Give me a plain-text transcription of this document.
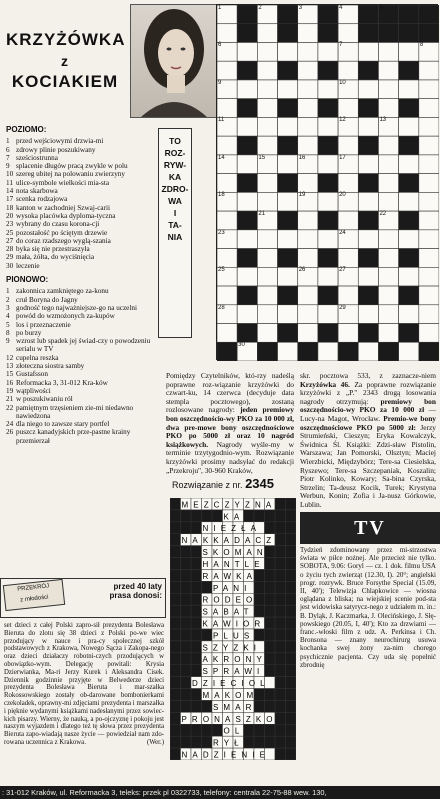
KRZYŻÓWKA
z
KOCIAKIEM
POZIOMO:
1 przed wejściowymi drzwia-mi
6 zdrowy plinie poszukiwany
7 sześciostrunna
9 splacenie długów pracą zwykle w polu
10 szereg ubitej na polowaniu zwierzyny
11 ulice-symbole wielkości mia-sta
14 nota skarbowa
17 scenka rodzajowa
18 kanton w zachodniej Szwaj-carii
20 wysoka placówka dyploma-tyczna
23 wybrany do czasu korona-cji
25 pozostałość po ściętym drzewie
27 do coraz rzadszego wyglą-szania
28 byka się nie przestraszyła
29 mała, żółta, do wyciśnięcia
30 leczenie
PIONOWO:
1 zakonnica zamkniętego za-konu
2 cruł Boryna do Jagny
3 godność tego najważniejsze-go na uczelni
4 powód do wzmożonych za-kupów
5 los i przeznaczenie
8 po burzy
9 wzrost lub spadek jej świad-czy o powodzeniu serialu w TV
12 cupelna reszka
13 złoteczna siostra samby
15 Gustafsson
16 Reformacka 3, 31-012 Kra-ków
19 wątpliwości
21 w poszukiwaniu ról
22 pamiętnym trzęsieniem zie-mi niedawno nawiedzona
24 dla niego to zawsze stary portfel
26 puszcz kanadyjskich prze-pastne krainy przemierzał
TO
ROZ-
RYW-
KA
ZDRO-
WA
I
TA-
NIA
1	2	3	4	5
6	7	8
9	10
11	12	13
14	15	16	17
18	19	20
21	22
23	24
25	26	27
28	29
30
Pomiędzy Czytelników, któ-rzy nadeślą poprawne roz-wiązanie krzyżówki do czwart-ku, 14 czerwca (decyduje data stempla pocztowego), zostaną rozlosowane nagrody: jeden premiowy bon oszczędnościo-wy PKO za 10 000 zł, dwa pre-mowe bony oszczędnościowe PKO po 5000 zł oraz 10 nagród książkowych. Nagrody wyśle-my w terminie trzytygodnio-wym. Rozwiązanie krzyżówki prosimy nadsyłać do redakcji „Przekroju", 30-960 Kraków,
skr. pocztowa 533, z zaznacze-niem Krzyżówka 46. Za poprawne rozwiązanie krzyżówki z „P." 2343 drogą losowania nagrody otrzymują: premiowy bon oszczędnościo-wy PKO za 10 000 zł — Lucy-na Magot, Wrocław. Premio-we bony oszczędnościowe PKO po 5000 zł: Jerzy Strumieński, Cieszyn; Eryka Kowalczyk, Świdnica Śl. Książki: Zdzi-sław Pistolin, Warszawa; Jan Pomorski, Olsztyn; Maciej Wierzbicki, Międzybórz; Tere-sa Ciesielska, Ryszewo; Tere-sa Szczepaniak, Koszalin; Piotr Kolinko, Kowary; Sa-bina Czyrska, Strzelin; Ta-deusz Kocik, Turek; Krystyna Werbun, Konin; Zofia i Ja-nusz Górkowie, Lublin.
Rozwiązanie z nr. 2345
MEZCZYZNA
KA
NIEZŁA
NAKKADACZ
SKOMAN
HANTLE
RAWKA
PANI
RODEO
SABAT
KAWIOR
PLUS
SZYZKI
AKRONY
SPRAWI
DZIECIOL
MAKOM
SMAR
PRONASZKO
OL
RYŁ
NADZIENIE
TV
Tydzień zdominowany przez mi-strzostwa świata w piłce nożnej. Ale przecież nie tylko. SOBOTA, 9.06: Goryl — cz. 1 dok. filmu USA o życiu tych zwierząt (12.30, I). 20°; angielski progr. rozrywk. Bruce Forsythe Special (15.09, II, 40'); Telewizja Chlapkowice — wiosna oglądana z bliska; na wiejskiej scenie pod-sta jest widowiska satyrycz-nego z udziałem m. in.: B. Dyląk, J. Kaczmarka, J. Olecińskiego, J. Słę-powskiego (20.05, I, 40'); Kto za drzwiami — franc.-włoski film z udz. A. Perkinsa i Ch. Bronsona — znany neurochirurg usuwa kochanka swej żony za-nim chorego psychicznie pacjenta. Czy uda się popełnić zbrodnię
PRZEKRÓJ
z młodości
przed 40 laty
prasa donosi:
set dzieci z całej Polski zapro-sił prezydenta Bolesława Bieruta do zlotu się 38 dzieci z Polski po-we wiec przodujący w nauce i pra-cy społecznej szkół podstawowych z Krakowa, Nowego Sącza i Zakopa-nego oraz dzieci działaczy robotni-czych przodujących w obowiązko-wym. Delegację powitali: Krysia Dzierwianka, Ma-ri Jerzy Kurek i Aleksandra Cisek. Dziennik godzinnie przyjęte w Belwederze dzieci prezydenta Bolesława Bieruta i mar-szałka Rokossowskiego zostały ob-darowane bombonierkami czekoladek, oprawny-mi zdjęciami prezydenta i marszałka i pięknie wydanymi książkami nadesłanymi przez sowiec-kich pisarzy. Wierny, że nauką, a po-ojczyznę i pokoju jest naszym wyjazdem i dlatego też tę słowa przez prezydenta Bieruta zapo-wiadają nasze życie — powiedział nam zdo-rowana uczennica z Krakowa.	(Wer.)
: 31-012 Kraków, ul. Reformacka 3, teleks: przek pl 0322733, telefony: centrala 22-75-88 wew. 130,
